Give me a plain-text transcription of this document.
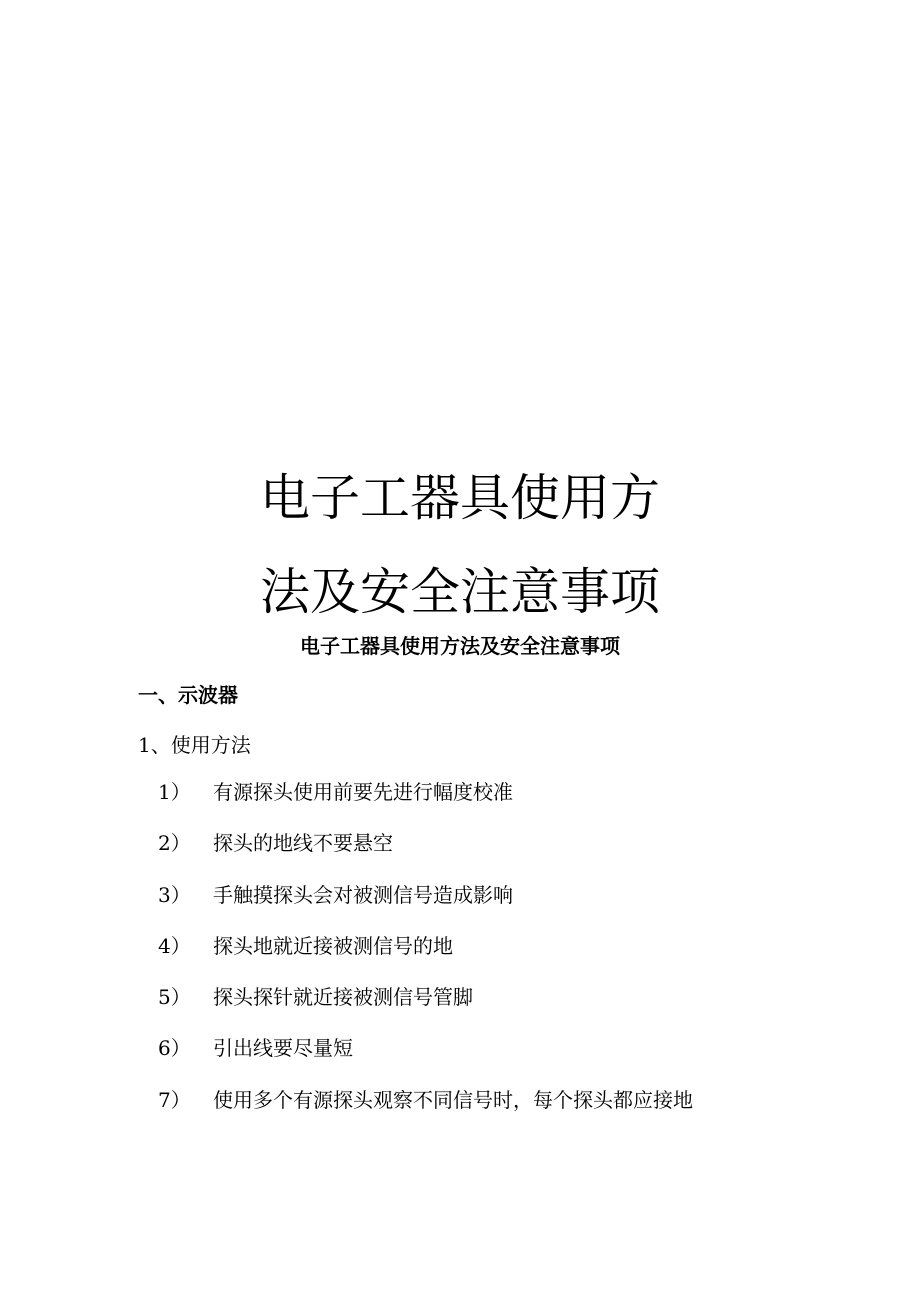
电子工器具使用方
法及安全注意事项
电子工器具使用方法及安全注意事项
一、示波器
1、使用方法
1）	有源探头使用前要先进行幅度校准
2）	探头的地线不要悬空
3）	手触摸探头会对被测信号造成影响
4）	探头地就近接被测信号的地
5）	探头探针就近接被测信号管脚
6）	引出线要尽量短
7）	使用多个有源探头观察不同信号时，每个探头都应接地
